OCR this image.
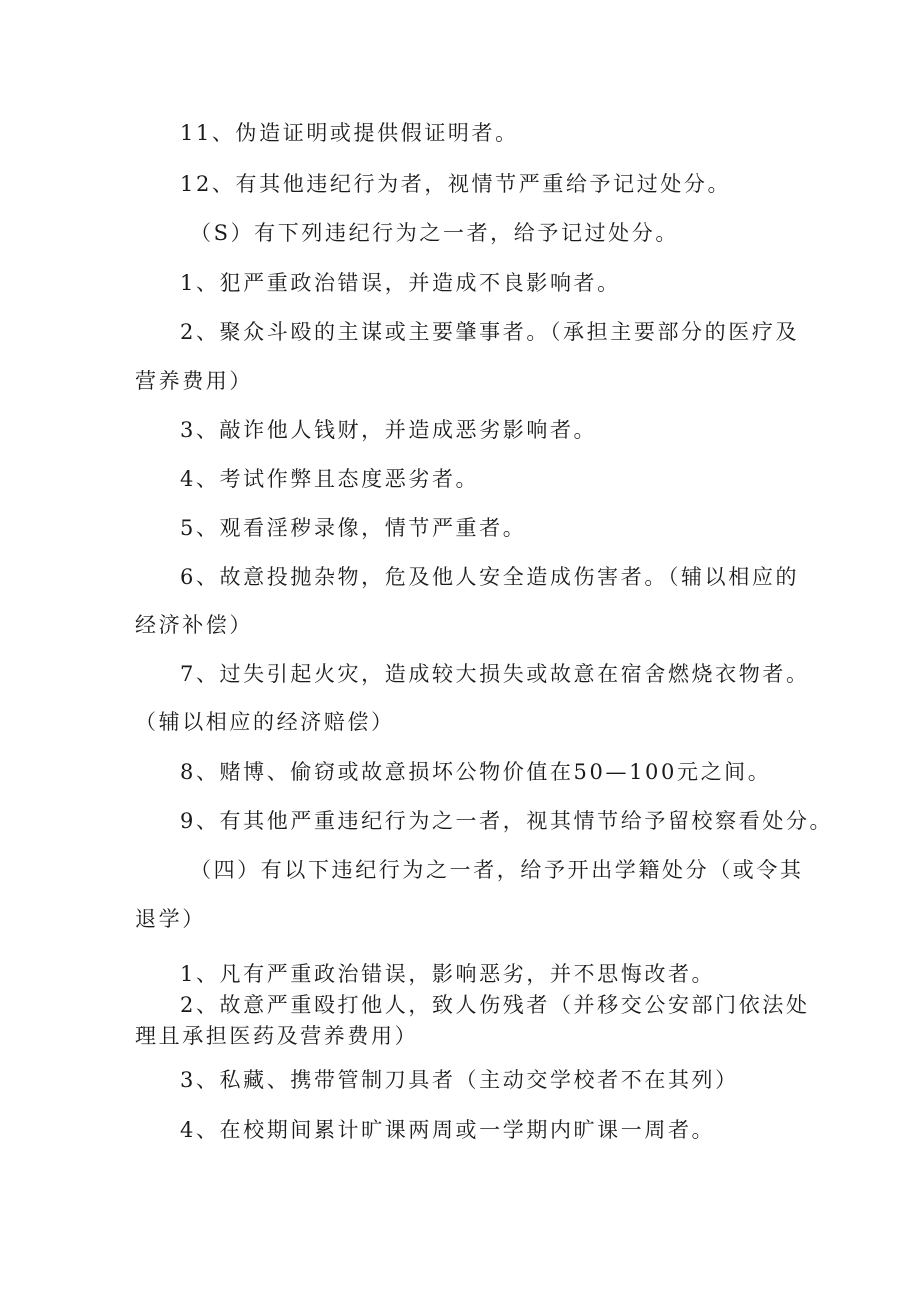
11、伪造证明或提供假证明者。
12、有其他违纪行为者，视情节严重给予记过处分。
（S）有下列违纪行为之一者，给予记过处分。
1、犯严重政治错误，并造成不良影响者。
2、聚众斗殴的主谋或主要肇事者。（承担主要部分的医疗及
营养费用）
3、敲诈他人钱财，并造成恶劣影响者。
4、考试作弊且态度恶劣者。
5、观看淫秽录像，情节严重者。
6、故意投抛杂物，危及他人安全造成伤害者。（辅以相应的
经济补偿）
7、过失引起火灾，造成较大损失或故意在宿舍燃烧衣物者。
（辅以相应的经济赔偿）
8、赌博、偷窃或故意损坏公物价值在50—100元之间。
9、有其他严重违纪行为之一者，视其情节给予留校察看处分。
（四）有以下违纪行为之一者，给予开出学籍处分（或令其
退学）
1、凡有严重政治错误，影响恶劣，并不思悔改者。
2、故意严重殴打他人，致人伤残者（并移交公安部门依法处
理且承担医药及营养费用）
3、私藏、携带管制刀具者（主动交学校者不在其列）
4、在校期间累计旷课两周或一学期内旷课一周者。
